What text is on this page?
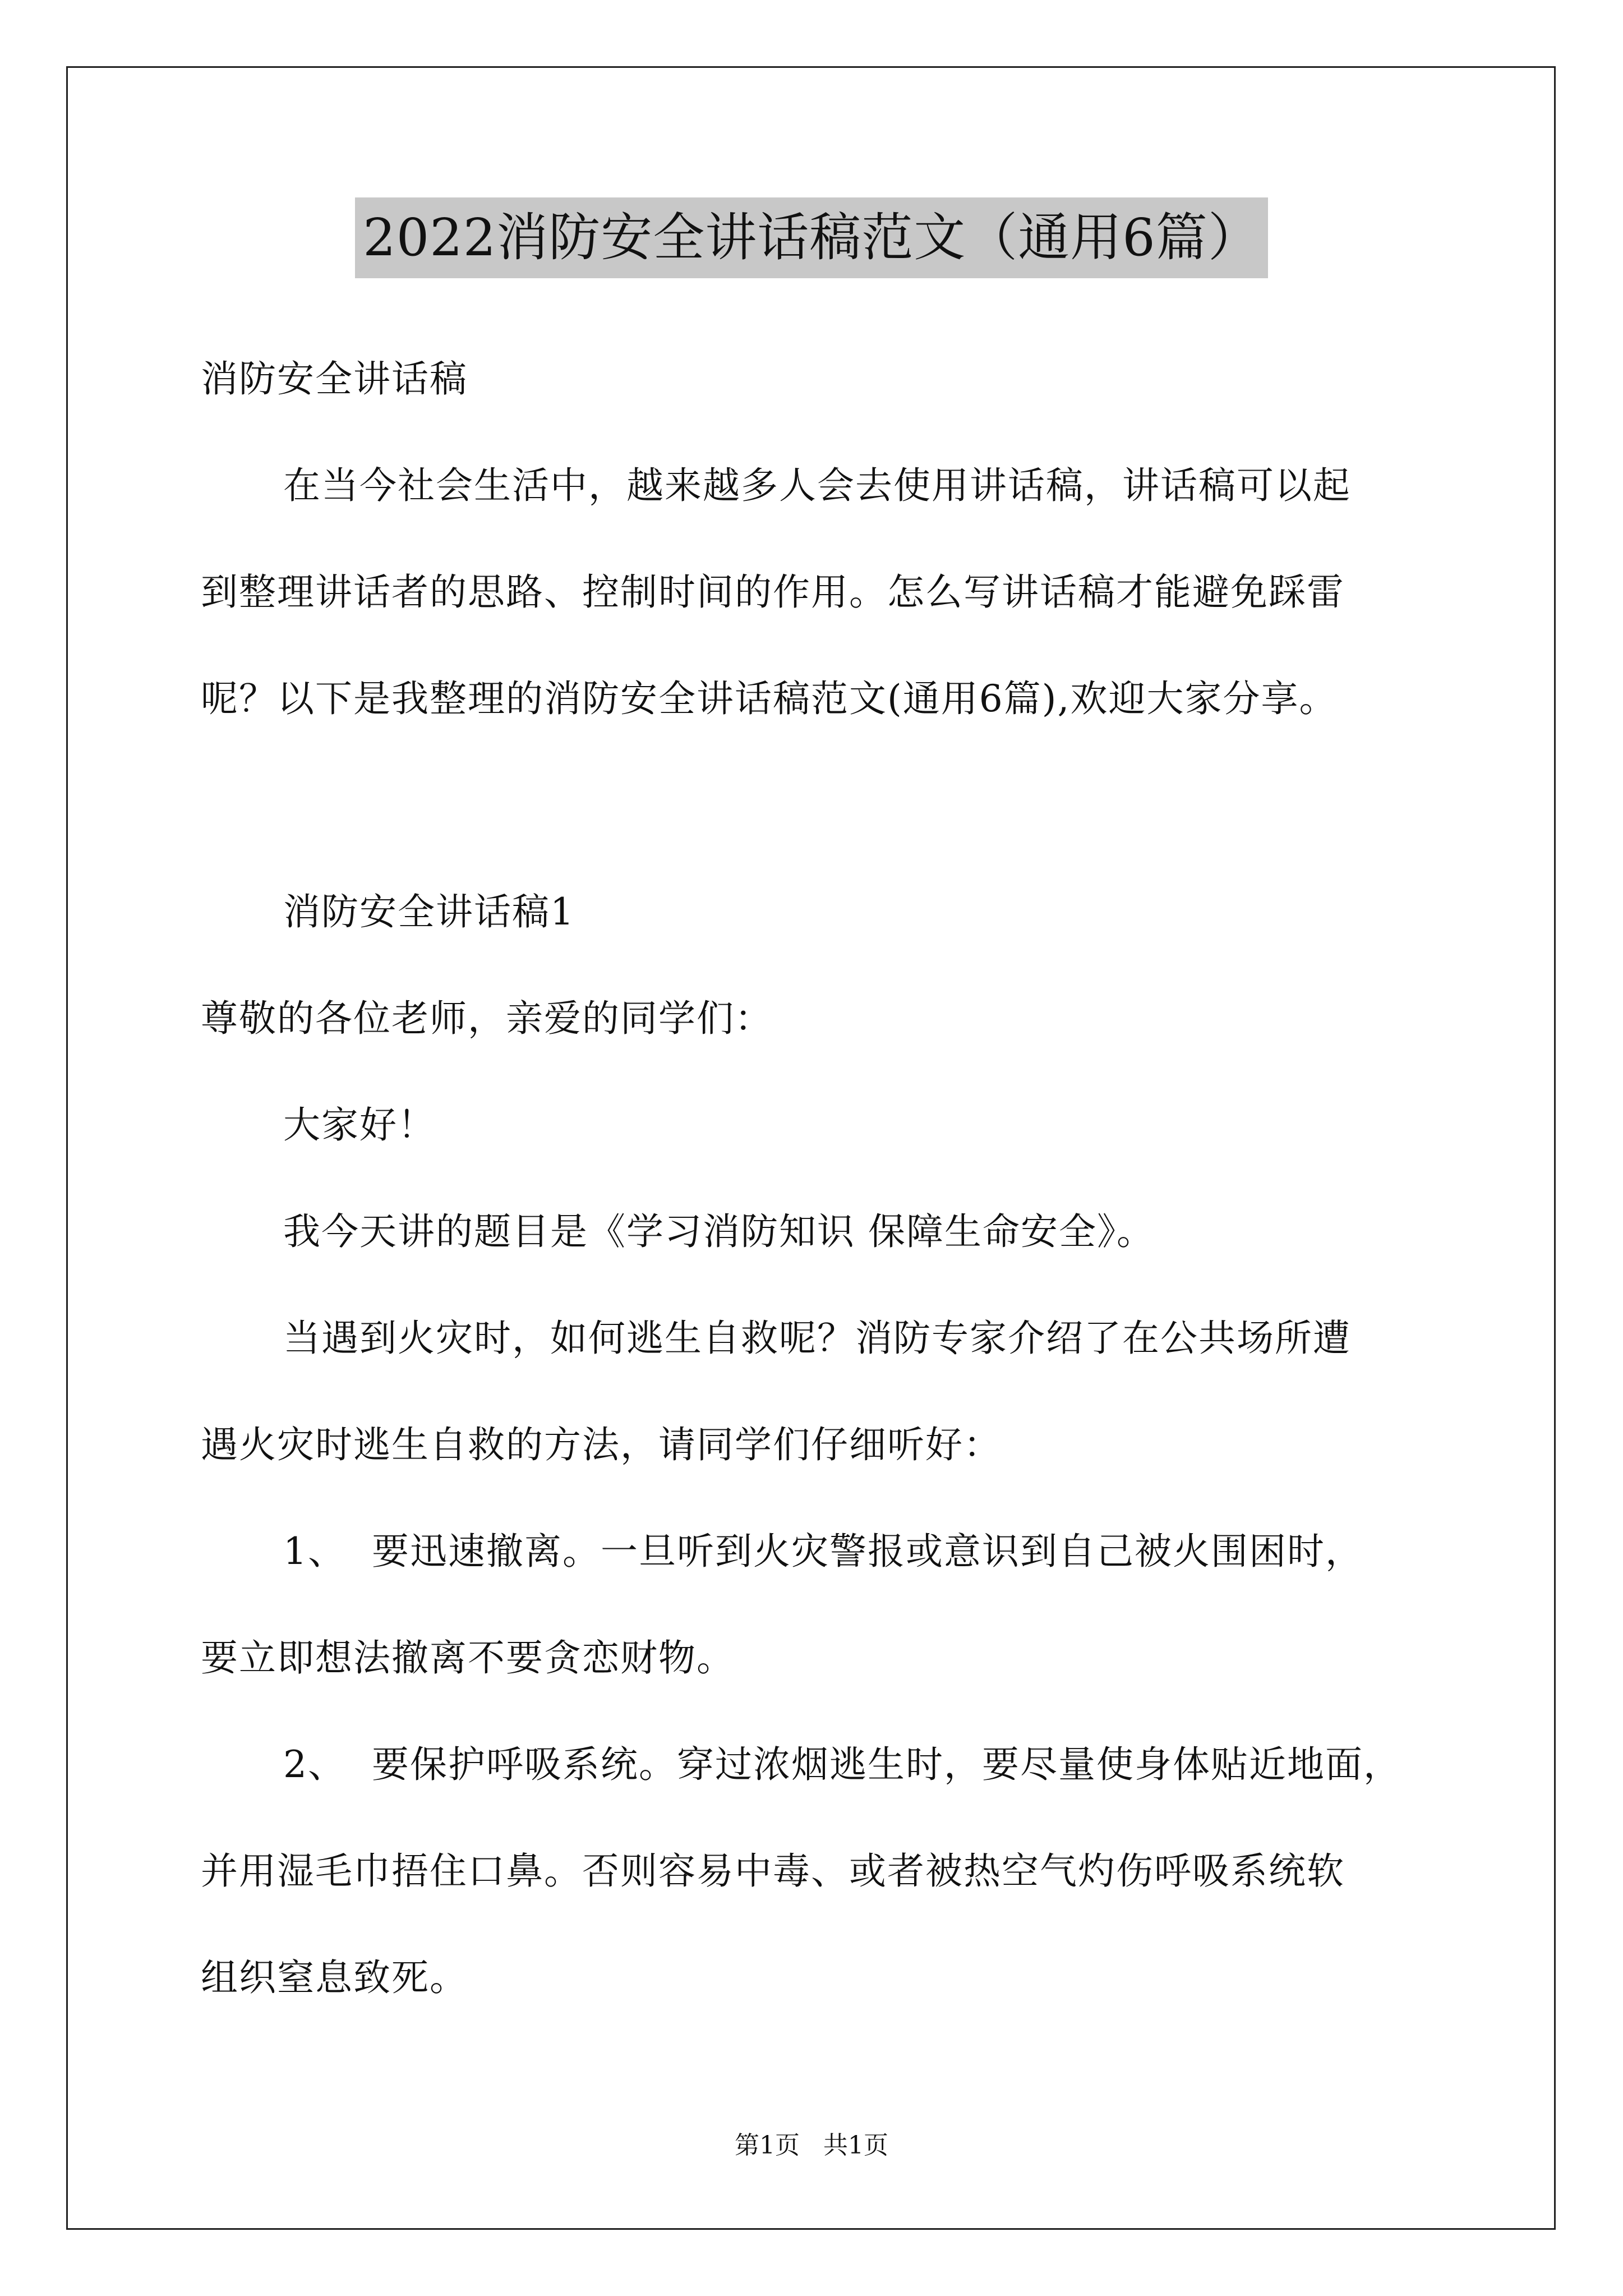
2022消防安全讲话稿范文（通用6篇）
消防安全讲话稿
在当今社会生活中，越来越多人会去使用讲话稿，讲话稿可以起
到整理讲话者的思路、控制时间的作用。怎么写讲话稿才能避免踩雷
呢？以下是我整理的消防安全讲话稿范文(通用6篇),欢迎大家分享。
消防安全讲话稿1
尊敬的各位老师，亲爱的同学们：
大家好！
我今天讲的题目是《学习消防知识 保障生命安全》。
当遇到火灾时，如何逃生自救呢？消防专家介绍了在公共场所遭
遇火灾时逃生自救的方法，请同学们仔细听好：
1、  要迅速撤离。一旦听到火灾警报或意识到自己被火围困时，
要立即想法撤离不要贪恋财物。
2、  要保护呼吸系统。穿过浓烟逃生时，要尽量使身体贴近地面，
并用湿毛巾捂住口鼻。否则容易中毒、或者被热空气灼伤呼吸系统软
组织窒息致死。
第1页   共1页
